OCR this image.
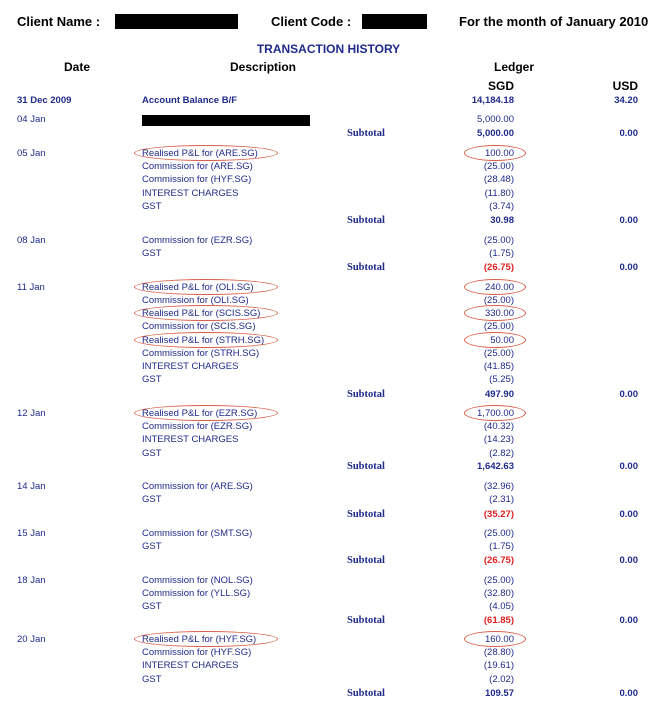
Client Name :	Client Code :	For the month of January 2010
TRANSACTION HISTORY
Date	Description	Ledger
SGD	USD
31 Dec 2009	Account Balance B/F	14,184.18	34.20
04 Jan	5,000.00
Subtotal	5,000.00	0.00
05 Jan	Realised P&L for (ARE.SG)	100.00
Commission for (ARE.SG)	(25.00)
Commission for (HYF.SG)	(28.48)
INTEREST CHARGES	(11.80)
GST	(3.74)
Subtotal	30.98	0.00
08 Jan	Commission for (EZR.SG)	(25.00)
GST	(1.75)
Subtotal	(26.75)	0.00
11 Jan	Realised P&L for (OLI.SG)	240.00
Commission for (OLI.SG)	(25.00)
Realised P&L for (SCIS.SG)	330.00
Commission for (SCIS.SG)	(25.00)
Realised P&L for (STRH.SG)	50.00
Commission for (STRH.SG)	(25.00)
INTEREST CHARGES	(41.85)
GST	(5.25)
Subtotal	497.90	0.00
12 Jan	Realised P&L for (EZR.SG)	1,700.00
Commission for (EZR.SG)	(40.32)
INTEREST CHARGES	(14.23)
GST	(2.82)
Subtotal	1,642.63	0.00
14 Jan	Commission for (ARE.SG)	(32.96)
GST	(2.31)
Subtotal	(35.27)	0.00
15 Jan	Commission for (SMT.SG)	(25.00)
GST	(1.75)
Subtotal	(26.75)	0.00
18 Jan	Commission for (NOL.SG)	(25.00)
Commission for (YLL.SG)	(32.80)
GST	(4.05)
Subtotal	(61.85)	0.00
20 Jan	Realised P&L for (HYF.SG)	160.00
Commission for (HYF.SG)	(28.80)
INTEREST CHARGES	(19.61)
GST	(2.02)
Subtotal	109.57	0.00
